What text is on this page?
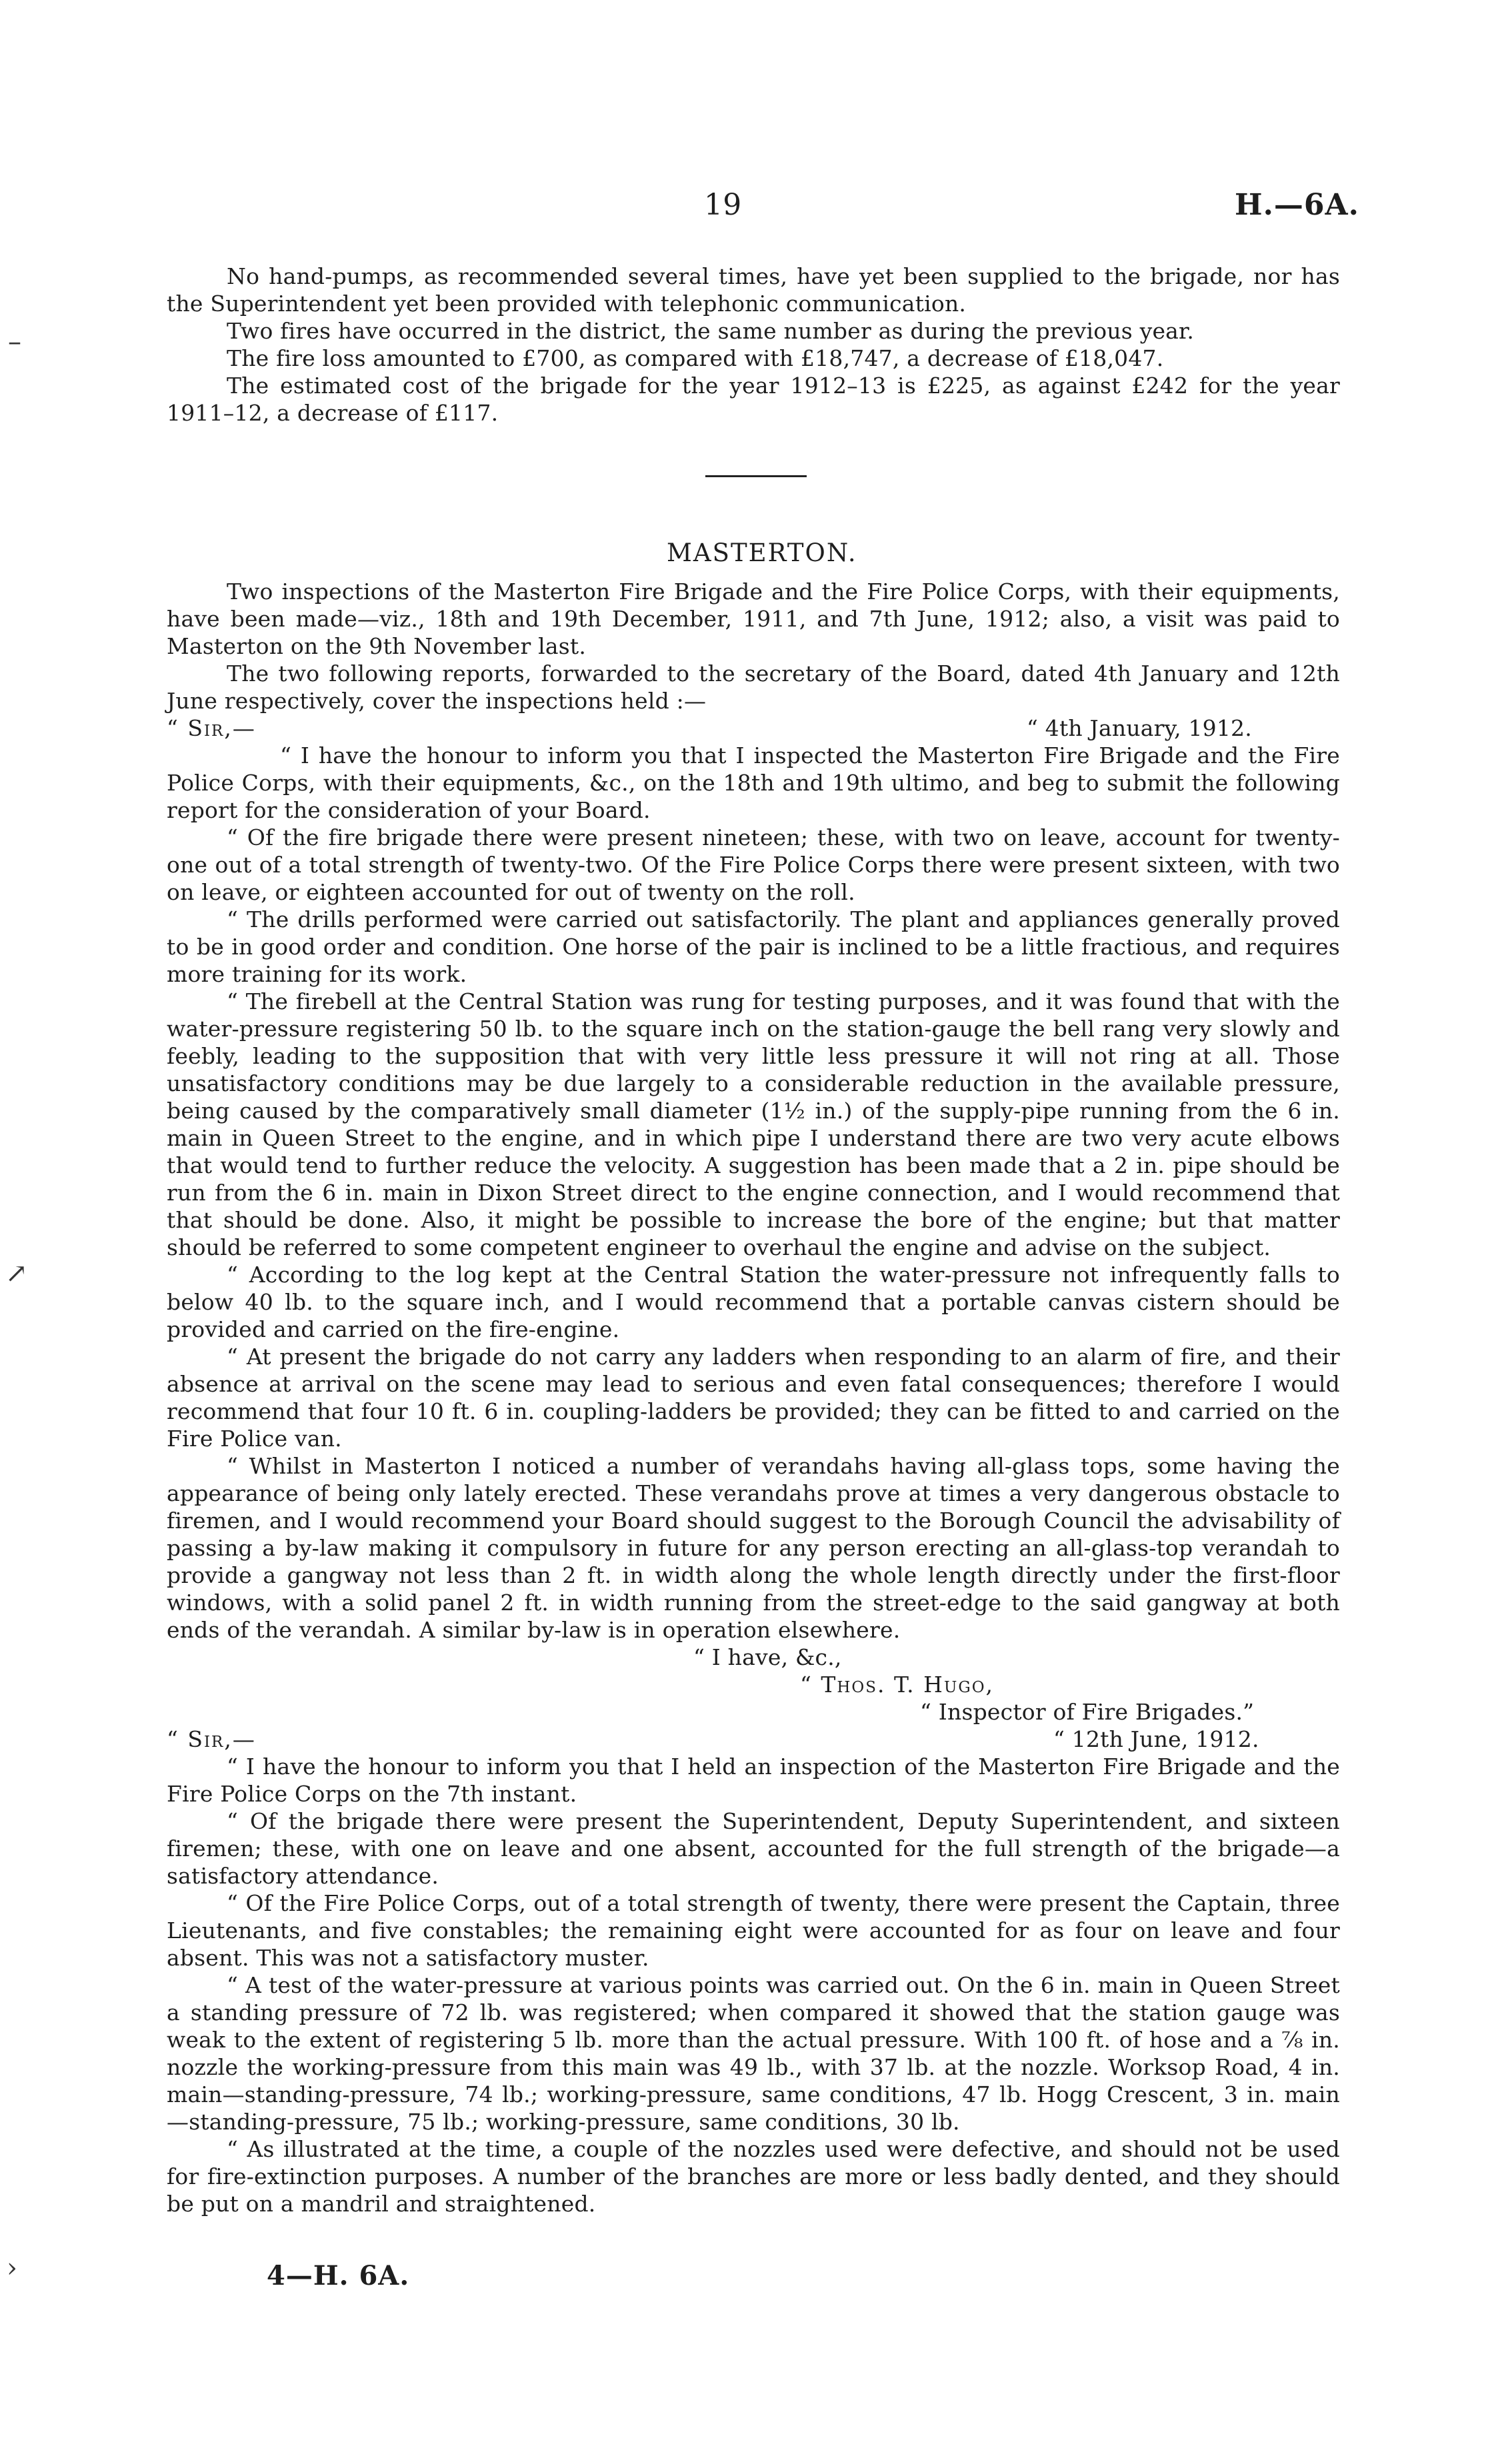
19	H.—6A.
–
↗
›

No hand-pumps, as recommended several times, have yet been supplied to the brigade, nor has the Superintendent yet been provided with telephonic communication.

Two fires have occurred in the district, the same number as during the previous year.

The fire loss amounted to £700, as compared with £18,747, a decrease of £18,047.

The estimated cost of the brigade for the year 1912–13 is £225, as against £242 for the year 1911–12, a decrease of £117.

MASTERTON.

Two inspections of the Masterton Fire Brigade and the Fire Police Corps, with their equipments, have been made—viz., 18th and 19th December, 1911, and 7th June, 1912; also, a visit was paid to Masterton on the 9th November last.

The two following reports, forwarded to the secretary of the Board, dated 4th January and 12th June respectively, cover the inspections held :—

“ Sir,—	“ 4th January, 1912.

“ I have the honour to inform you that I inspected the Masterton Fire Brigade and the Fire Police Corps, with their equipments, &c., on the 18th and 19th ultimo, and beg to submit the following report for the consideration of your Board.

“ Of the fire brigade there were present nineteen; these, with two on leave, account for twenty-one out of a total strength of twenty-two. Of the Fire Police Corps there were present sixteen, with two on leave, or eighteen accounted for out of twenty on the roll.

“ The drills performed were carried out satisfactorily. The plant and appliances generally proved to be in good order and condition. One horse of the pair is inclined to be a little fractious, and requires more training for its work.

“ The firebell at the Central Station was rung for testing purposes, and it was found that with the water-pressure registering 50 lb. to the square inch on the station-gauge the bell rang very slowly and feebly, leading to the supposition that with very little less pressure it will not ring at all. Those unsatisfactory conditions may be due largely to a considerable reduction in the available pressure, being caused by the comparatively small diameter (1½ in.) of the supply-pipe running from the 6 in. main in Queen Street to the engine, and in which pipe I understand there are two very acute elbows that would tend to further reduce the velocity. A suggestion has been made that a 2 in. pipe should be run from the 6 in. main in Dixon Street direct to the engine connection, and I would recommend that that should be done. Also, it might be possible to increase the bore of the engine; but that matter should be referred to some competent engineer to overhaul the engine and advise on the subject.

“ According to the log kept at the Central Station the water-pressure not infrequently falls to below 40 lb. to the square inch, and I would recommend that a portable canvas cistern should be provided and carried on the fire-engine.

“ At present the brigade do not carry any ladders when responding to an alarm of fire, and their absence at arrival on the scene may lead to serious and even fatal consequences; therefore I would recommend that four 10 ft. 6 in. coupling-ladders be provided; they can be fitted to and carried on the Fire Police van.

“ Whilst in Masterton I noticed a number of verandahs having all-glass tops, some having the appearance of being only lately erected. These verandahs prove at times a very dangerous obstacle to firemen, and I would recommend your Board should suggest to the Borough Council the advisability of passing a by-law making it compulsory in future for any person erecting an all-glass-top verandah to provide a gangway not less than 2 ft. in width along the whole length directly under the first-floor windows, with a solid panel 2 ft. in width running from the street-edge to the said gangway at both ends of the verandah. A similar by-law is in operation elsewhere.

“ I have, &c.,
“ Thos. T. Hugo,
“ Inspector of Fire Brigades.”
“ Sir,—	“ 12th June, 1912.

“ I have the honour to inform you that I held an inspection of the Masterton Fire Brigade and the Fire Police Corps on the 7th instant.

“ Of the brigade there were present the Superintendent, Deputy Superintendent, and sixteen firemen; these, with one on leave and one absent, accounted for the full strength of the brigade—a satisfactory attendance.

“ Of the Fire Police Corps, out of a total strength of twenty, there were present the Captain, three Lieutenants, and five constables; the remaining eight were accounted for as four on leave and four absent. This was not a satisfactory muster.

“ A test of the water-pressure at various points was carried out. On the 6 in. main in Queen Street a standing pressure of 72 lb. was registered; when compared it showed that the station gauge was weak to the extent of registering 5 lb. more than the actual pressure. With 100 ft. of hose and a ⅞ in. nozzle the working-pressure from this main was 49 lb., with 37 lb. at the nozzle. Worksop Road, 4 in. main—standing-pressure, 74 lb.; working-pressure, same conditions, 47 lb. Hogg Crescent, 3 in. main—standing-pressure, 75 lb.; working-pressure, same conditions, 30 lb.

“ As illustrated at the time, a couple of the nozzles used were defective, and should not be used for fire-extinction purposes. A number of the branches are more or less badly dented, and they should be put on a mandril and straightened.

4—H. 6A.
